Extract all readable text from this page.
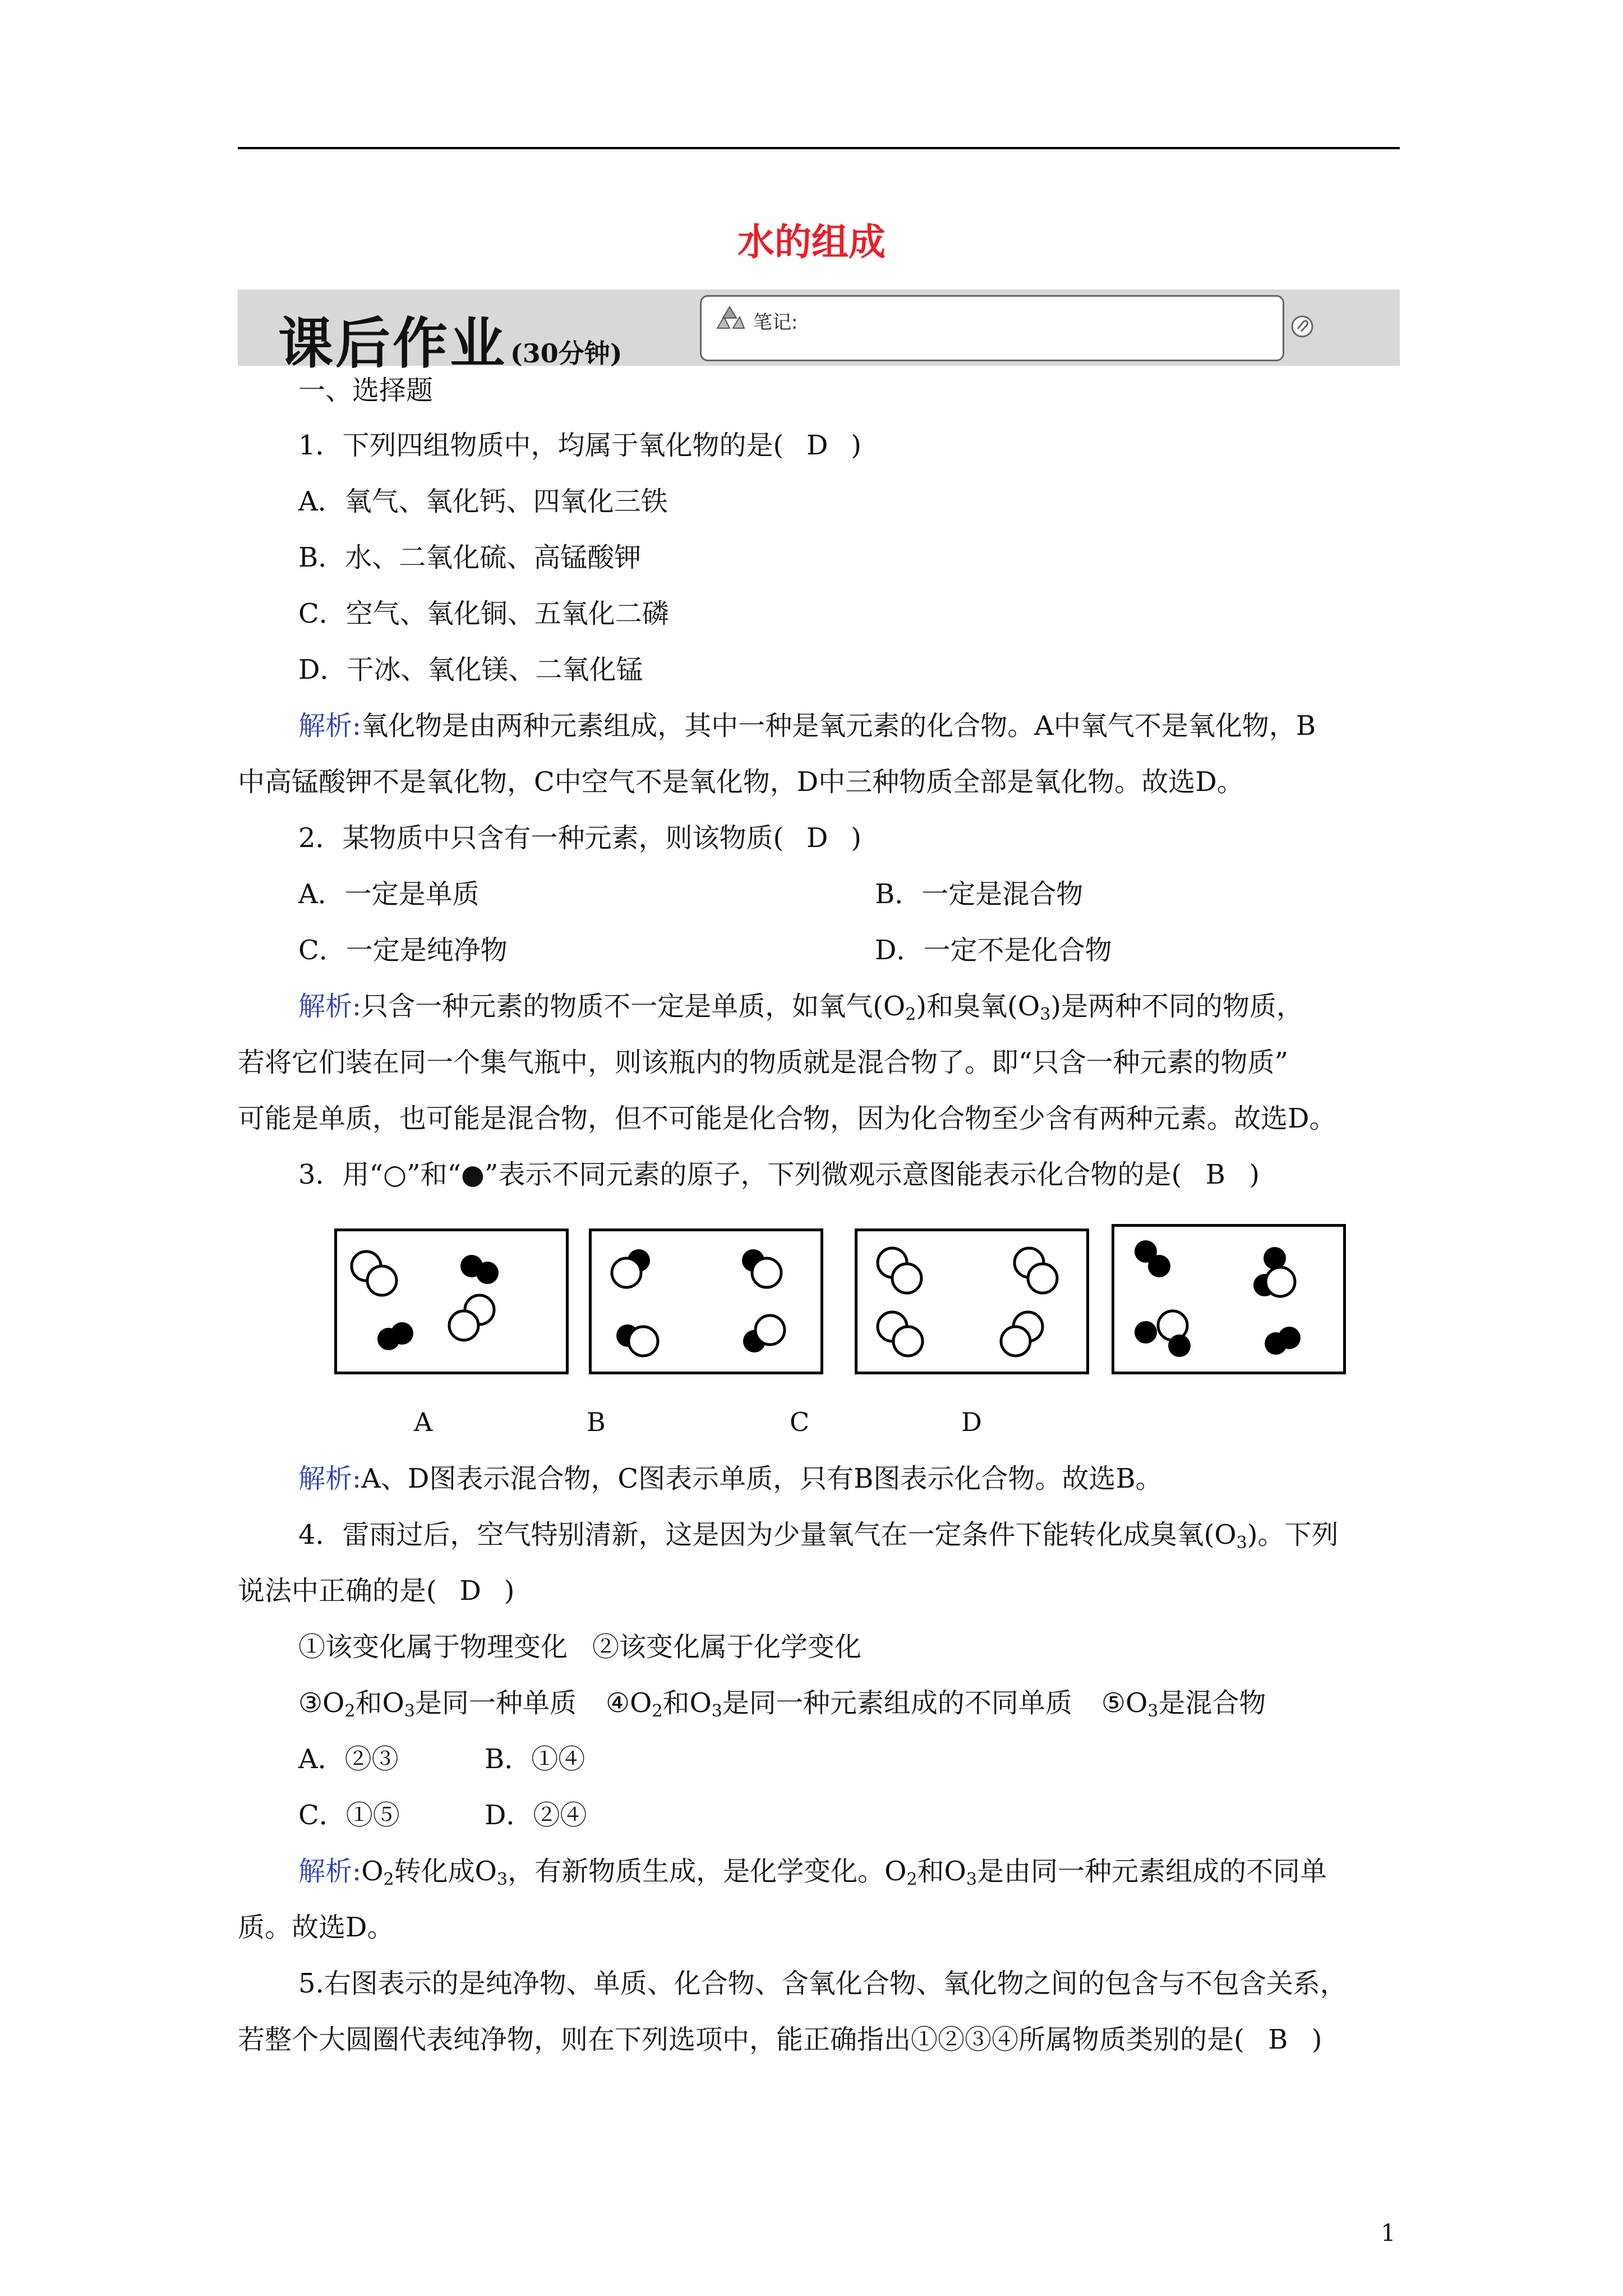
水的组成
课后作业 (30分钟)
笔记:
一、选择题
1．下列四组物质中，均属于氧化物的是( D )
A．氧气、氧化钙、四氧化三铁
B．水、二氧化硫、高锰酸钾
C．空气、氧化铜、五氧化二磷
D．干冰、氧化镁、二氧化锰
解析:氧化物是由两种元素组成，其中一种是氧元素的化合物。A中氧气不是氧化物，B
中高锰酸钾不是氧化物，C中空气不是氧化物，D中三种物质全部是氧化物。故选D。
2．某物质中只含有一种元素，则该物质( D )
A．一定是单质	B．一定是混合物
C．一定是纯净物	D．一定不是化合物
解析:只含一种元素的物质不一定是单质，如氧气$(O_2)$和臭氧$(O_3)$是两种不同的物质，
若将它们装在同一个集气瓶中，则该瓶内的物质就是混合物了。即“只含一种元素的物质”
可能是单质，也可能是混合物，但不可能是化合物，因为化合物至少含有两种元素。故选D。
3．用“○”和“●”表示不同元素的原子，下列微观示意图能表示化合物的是( B )
A	B	C	D
解析:A、D图表示混合物，C图表示单质，只有B图表示化合物。故选B。
4．雷雨过后，空气特别清新，这是因为少量氧气在一定条件下能转化成臭氧$(O_3)$。下列
说法中正确的是( D )
①该变化属于物理变化 ②该变化属于化学变化
$③O_2$和$O_3$是同一种单质 $④O_2$和$O_3$是同一种元素组成的不同单质 $⑤O_3$是混合物
A．②③	B．①④
C．①⑤	D．②④
解析$:O_2$转化成$O_3$，有新物质生成，是化学变化。$O_2$和$O_3$是由同一种元素组成的不同单
质。故选D。
5.右图表示的是纯净物、单质、化合物、含氧化合物、氧化物之间的包含与不包含关系，
若整个大圆圈代表纯净物，则在下列选项中，能正确指出①②③④所属物质类别的是( B )
1
